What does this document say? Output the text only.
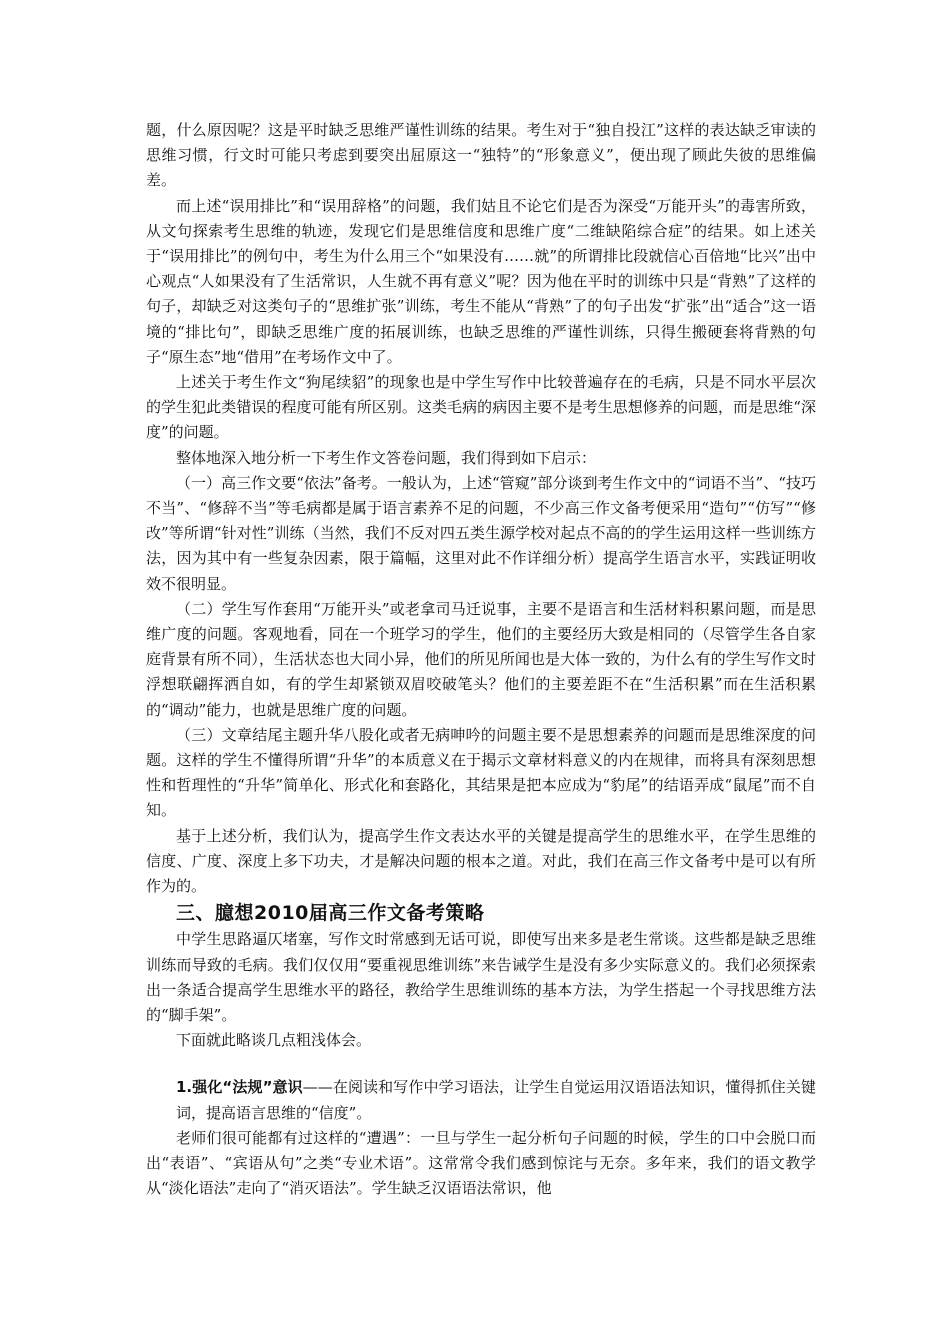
题，什么原因呢？这是平时缺乏思维严谨性训练的结果。考生对于“独自投江”这样的表达缺乏审读的思维习惯，行文时可能只考虑到要突出屈原这一“独特”的“形象意义”，便出现了顾此失彼的思维偏差。

而上述“误用排比”和“误用辞格”的问题，我们姑且不论它们是否为深受“万能开头”的毒害所致，从文句探索考生思维的轨迹，发现它们是思维信度和思维广度“二维缺陷综合症”的结果。如上述关于“误用排比”的例句中，考生为什么用三个“如果没有……就”的所谓排比段就信心百倍地“比兴”出中心观点“人如果没有了生活常识，人生就不再有意义”呢？因为他在平时的训练中只是“背熟”了这样的句子，却缺乏对这类句子的“思维扩张”训练，考生不能从“背熟”了的句子出发“扩张”出“适合”这一语境的“排比句”，即缺乏思维广度的拓展训练，也缺乏思维的严谨性训练，只得生搬硬套将背熟的句子“原生态”地“借用”在考场作文中了。

上述关于考生作文“狗尾续貂”的现象也是中学生写作中比较普遍存在的毛病，只是不同水平层次的学生犯此类错误的程度可能有所区别。这类毛病的病因主要不是考生思想修养的问题，而是思维“深度”的问题。

整体地深入地分析一下考生作文答卷问题，我们得到如下启示：

（一）高三作文要“依法”备考。一般认为，上述“管窥”部分谈到考生作文中的“词语不当”、“技巧不当”、“修辞不当”等毛病都是属于语言素养不足的问题，不少高三作文备考便采用“造句”“仿写”“修改”等所谓“针对性”训练（当然，我们不反对四五类生源学校对起点不高的的学生运用这样一些训练方法，因为其中有一些复杂因素，限于篇幅，这里对此不作详细分析）提高学生语言水平，实践证明收效不很明显。

（二）学生写作套用“万能开头”或老拿司马迁说事，主要不是语言和生活材料积累问题，而是思维广度的问题。客观地看，同在一个班学习的学生，他们的主要经历大致是相同的（尽管学生各自家庭背景有所不同），生活状态也大同小异，他们的所见所闻也是大体一致的，为什么有的学生写作文时浮想联翩挥洒自如，有的学生却紧锁双眉咬破笔头？他们的主要差距不在“生活积累”而在生活积累的“调动”能力，也就是思维广度的问题。

（三）文章结尾主题升华八股化或者无病呻吟的问题主要不是思想素养的问题而是思维深度的问题。这样的学生不懂得所谓“升华”的本质意义在于揭示文章材料意义的内在规律，而将具有深刻思想性和哲理性的“升华”简单化、形式化和套路化，其结果是把本应成为“豹尾”的结语弄成“鼠尾”而不自知。

基于上述分析，我们认为，提高学生作文表达水平的关键是提高学生的思维水平，在学生思维的信度、广度、深度上多下功夫，才是解决问题的根本之道。对此，我们在高三作文备考中是可以有所作为的。

三、臆想2010届高三作文备考策略

中学生思路逼仄堵塞，写作文时常感到无话可说，即使写出来多是老生常谈。这些都是缺乏思维训练而导致的毛病。我们仅仅用“要重视思维训练”来告诫学生是没有多少实际意义的。我们必须探索出一条适合提高学生思维水平的路径，教给学生思维训练的基本方法，为学生搭起一个寻找思维方法的“脚手架”。

下面就此略谈几点粗浅体会。

1.强化“法规”意识——在阅读和写作中学习语法，让学生自觉运用汉语语法知识，懂得抓住关键词，提高语言思维的“信度”。

老师们很可能都有过这样的“遭遇”：一旦与学生一起分析句子问题的时候，学生的口中会脱口而出“表语”、“宾语从句”之类“专业术语”。这常常令我们感到惊诧与无奈。多年来，我们的语文教学从“淡化语法”走向了“消灭语法”。学生缺乏汉语语法常识，他
